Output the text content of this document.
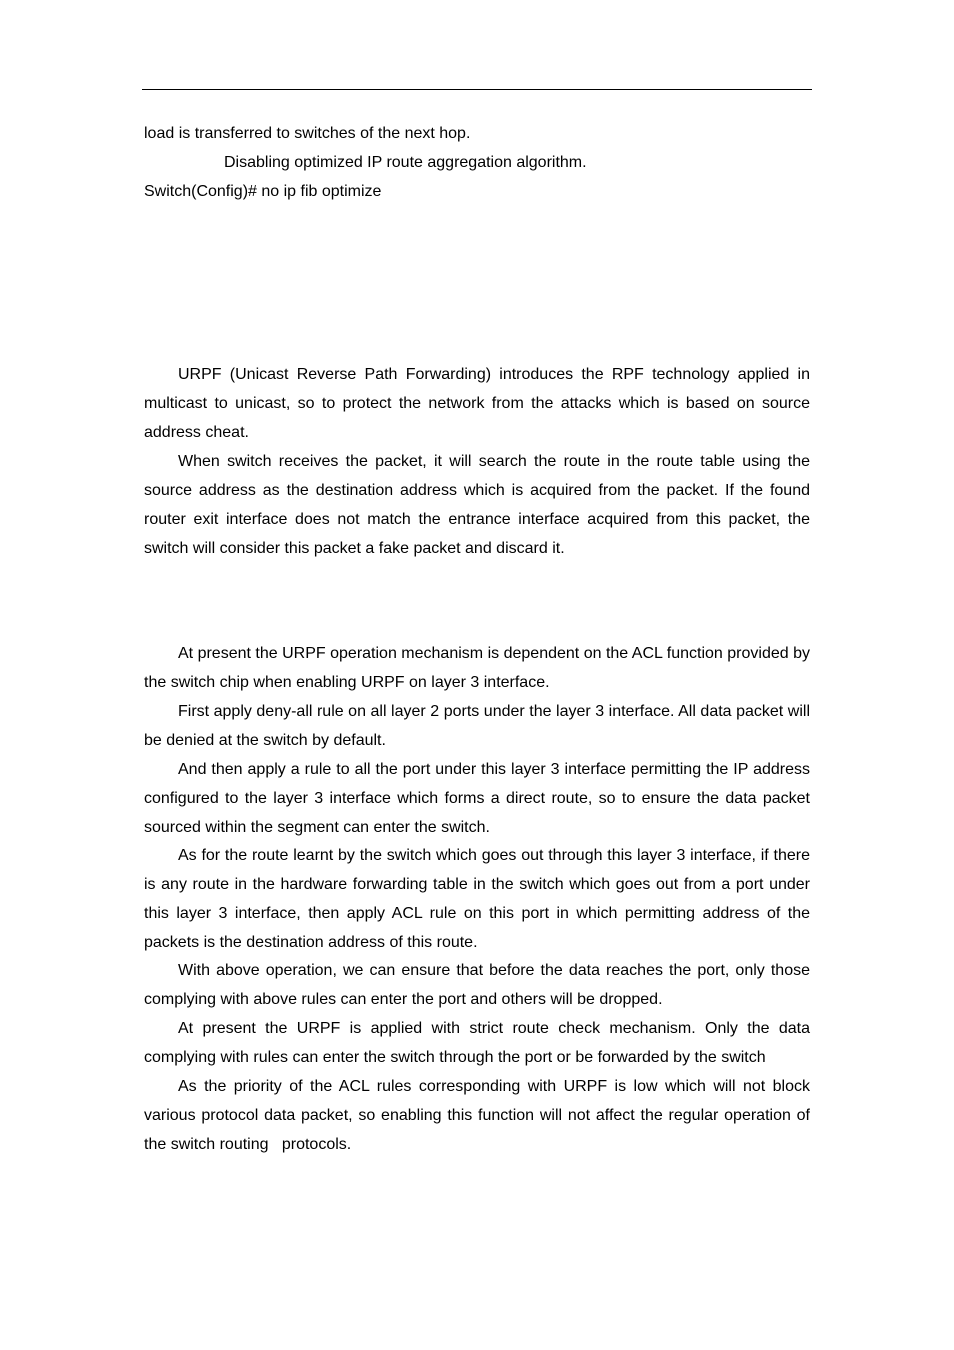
load is transferred to switches of the next hop.

Disabling optimized IP route aggregation algorithm.

Switch(Config)# no ip fib optimize

URPF (Unicast Reverse Path Forwarding) introduces the RPF technology applied in multicast to unicast, so to protect the network from the attacks which is based on source address cheat.

When switch receives the packet, it will search the route in the route table using the source address as the destination address which is acquired from the packet. If the found router exit interface does not match the entrance interface acquired from this packet, the switch will consider this packet a fake packet and discard it.

At present the URPF operation mechanism is dependent on the ACL function provided by the switch chip when enabling URPF on layer 3 interface.

First apply deny-all rule on all layer 2 ports under the layer 3 interface. All data packet will be denied at the switch by default.

And then apply a rule to all the port under this layer 3 interface permitting the IP address configured to the layer 3 interface which forms a direct route, so to ensure the data packet sourced within the segment can enter the switch.

As for the route learnt by the switch which goes out through this layer 3 interface, if there is any route in the hardware forwarding table in the switch which goes out from a port under this layer 3 interface, then apply ACL rule on this port in which permitting address of the packets is the destination address of this route.

With above operation, we can ensure that before the data reaches the port, only those complying with above rules can enter the port and others will be dropped.

At present the URPF is applied with strict route check mechanism. Only the data complying with rules can enter the switch through the port or be forwarded by the switch

As the priority of the ACL rules corresponding with URPF is low which will not block various protocol data packet, so enabling this function will not affect the regular operation of the switch routing   protocols.
